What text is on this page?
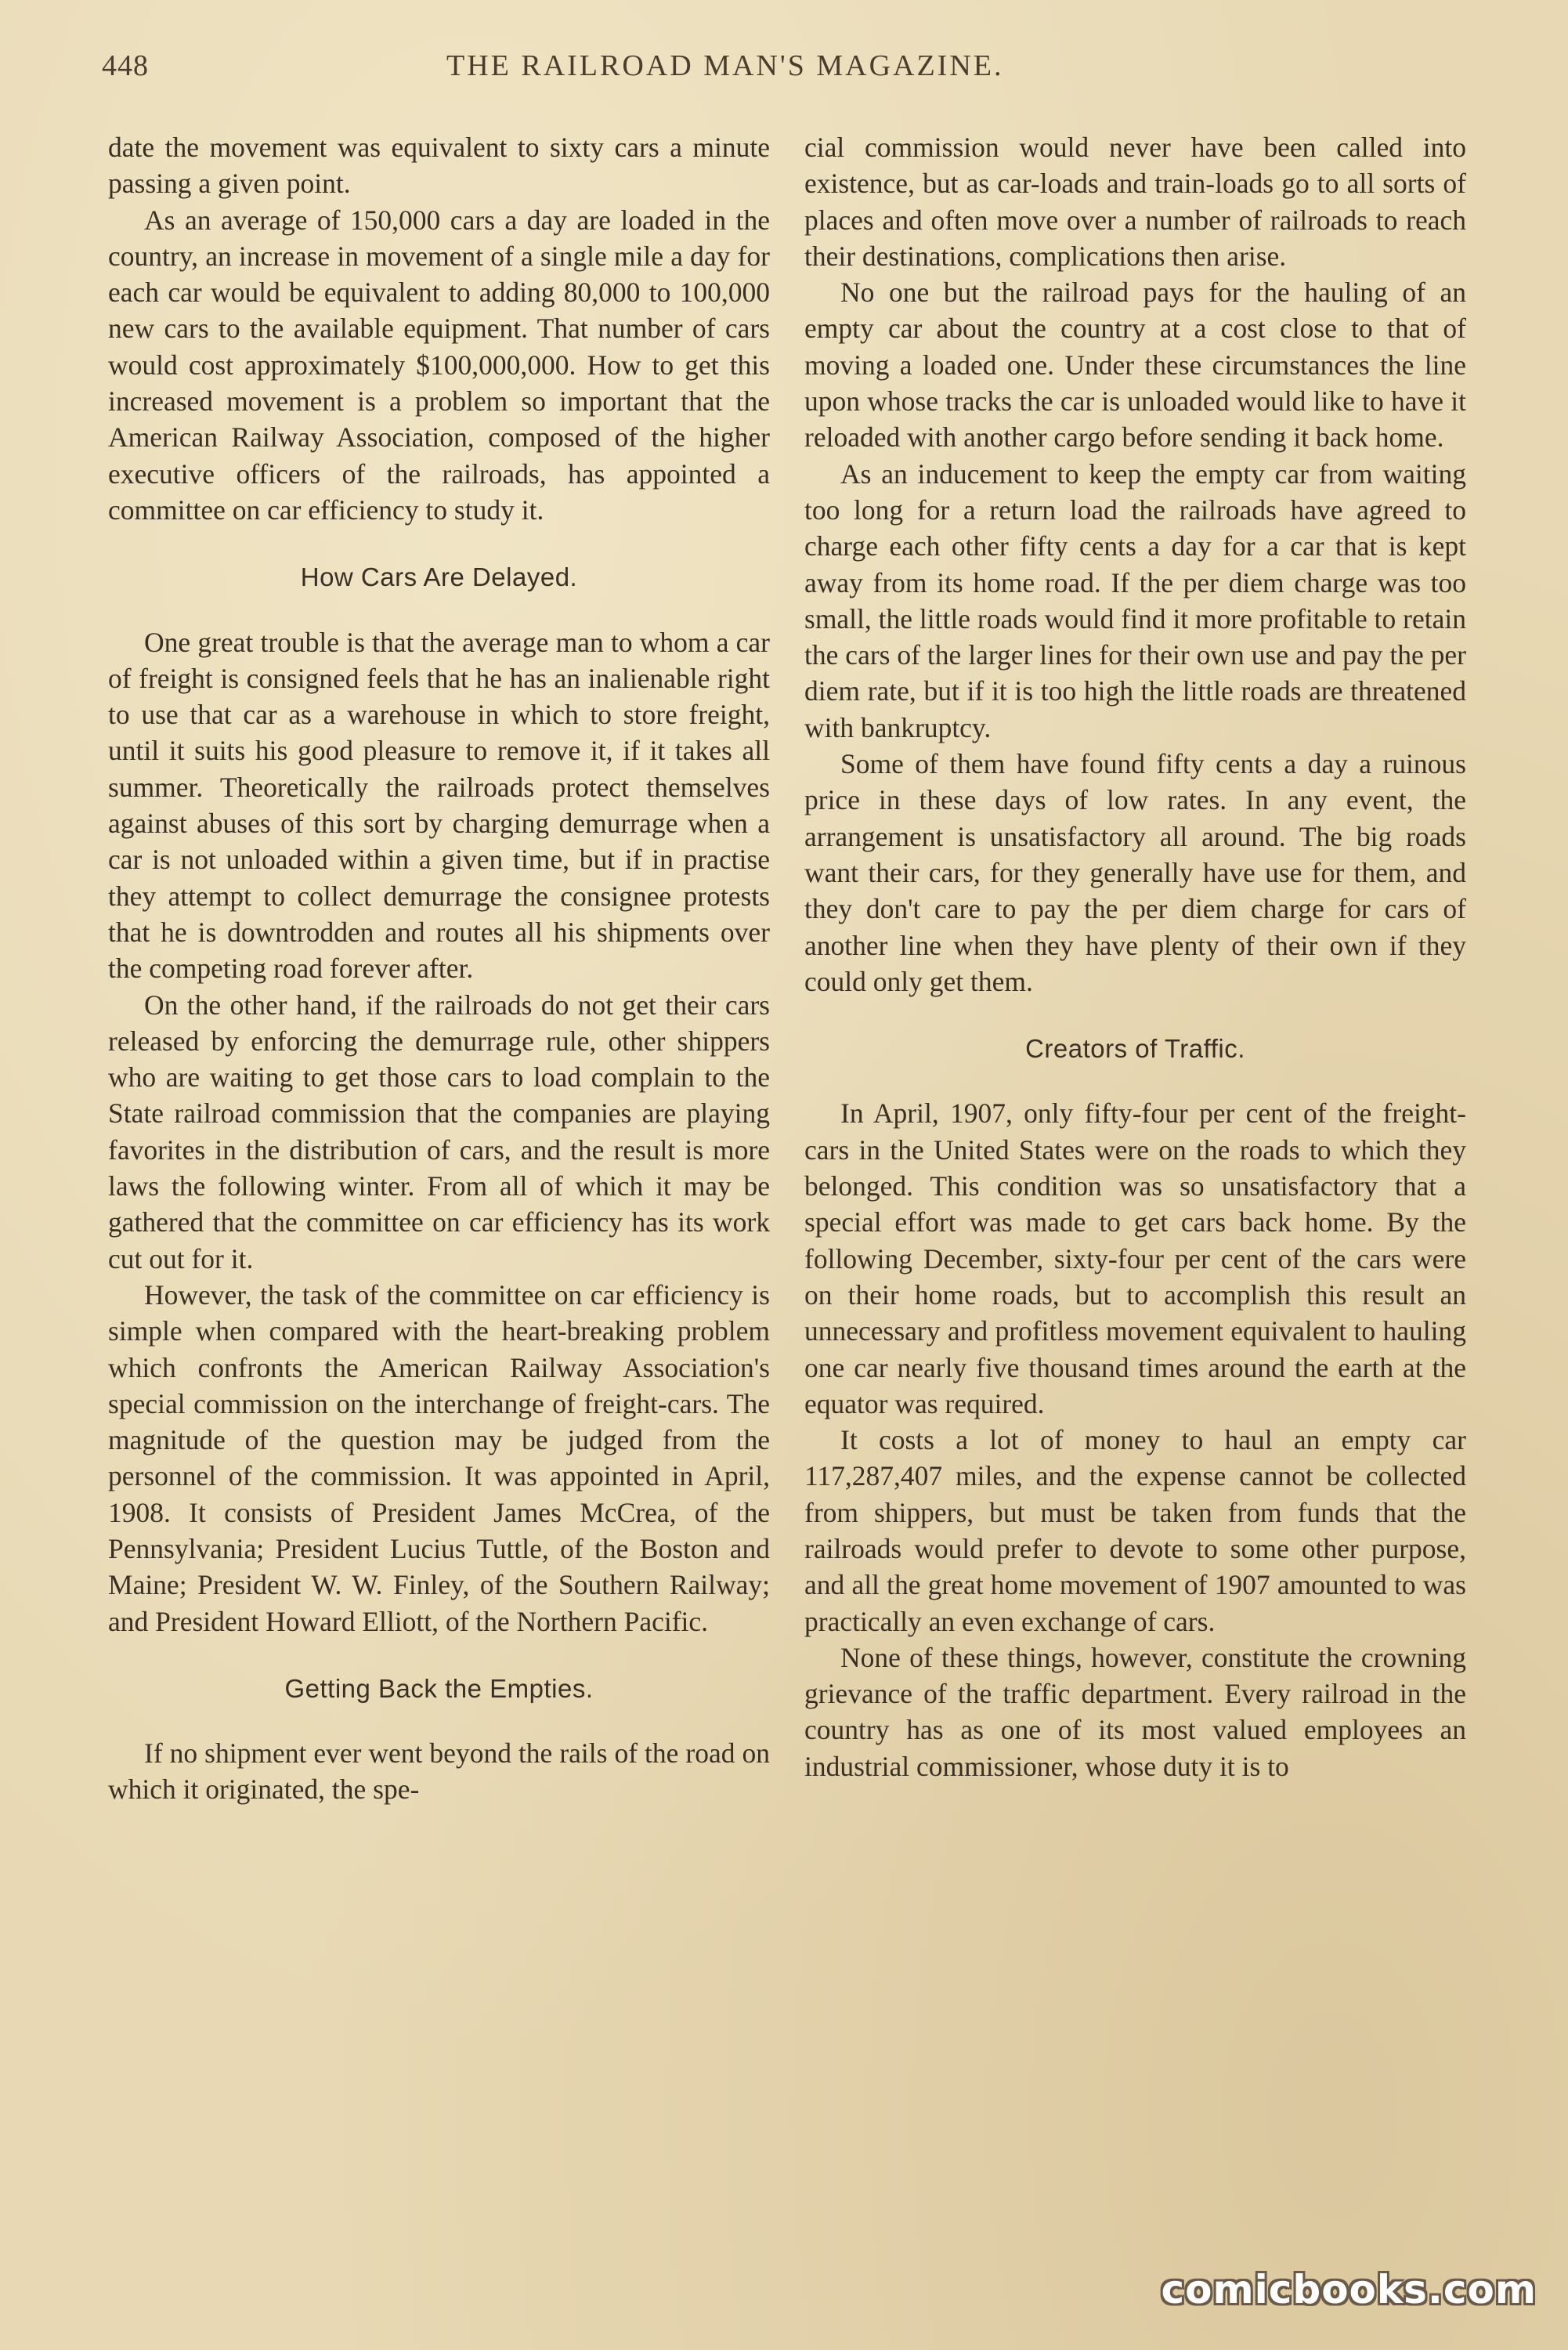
448	THE RAILROAD MAN'S MAGAZINE.

date the movement was equivalent to sixty cars a minute passing a given point.

As an average of 150,000 cars a day are loaded in the country, an increase in movement of a single mile a day for each car would be equivalent to adding 80,000 to 100,000 new cars to the available equipment. That number of cars would cost approximately $100,000,000. How to get this increased movement is a problem so important that the American Railway Association, composed of the higher executive officers of the railroads, has appointed a committee on car efficiency to study it.

How Cars Are Delayed.

One great trouble is that the average man to whom a car of freight is consigned feels that he has an inalienable right to use that car as a warehouse in which to store freight, until it suits his good pleasure to remove it, if it takes all summer. Theoretically the railroads protect themselves against abuses of this sort by charging demurrage when a car is not unloaded within a given time, but if in practise they attempt to collect demurrage the consignee protests that he is downtrodden and routes all his shipments over the competing road forever after.

On the other hand, if the railroads do not get their cars released by enforcing the demurrage rule, other shippers who are waiting to get those cars to load complain to the State railroad commission that the companies are playing favorites in the distribution of cars, and the result is more laws the following winter. From all of which it may be gathered that the committee on car efficiency has its work cut out for it.

However, the task of the committee on car efficiency is simple when compared with the heart-breaking problem which confronts the American Railway Association's special commission on the interchange of freight-cars. The magnitude of the question may be judged from the personnel of the commission. It was appointed in April, 1908. It consists of President James McCrea, of the Pennsylvania; President Lucius Tuttle, of the Boston and Maine; President W. W. Finley, of the Southern Railway; and President Howard Elliott, of the Northern Pacific.

Getting Back the Empties.

If no shipment ever went beyond the rails of the road on which it originated, the spe-

cial commission would never have been called into existence, but as car-loads and train-loads go to all sorts of places and often move over a number of railroads to reach their destinations, complications then arise.

No one but the railroad pays for the hauling of an empty car about the country at a cost close to that of moving a loaded one. Under these circumstances the line upon whose tracks the car is unloaded would like to have it reloaded with another cargo before sending it back home.

As an inducement to keep the empty car from waiting too long for a return load the railroads have agreed to charge each other fifty cents a day for a car that is kept away from its home road. If the per diem charge was too small, the little roads would find it more profitable to retain the cars of the larger lines for their own use and pay the per diem rate, but if it is too high the little roads are threatened with bankruptcy.

Some of them have found fifty cents a day a ruinous price in these days of low rates. In any event, the arrangement is unsatisfactory all around. The big roads want their cars, for they generally have use for them, and they don't care to pay the per diem charge for cars of another line when they have plenty of their own if they could only get them.

Creators of Traffic.

In April, 1907, only fifty-four per cent of the freight-cars in the United States were on the roads to which they belonged. This condition was so unsatisfactory that a special effort was made to get cars back home. By the following December, sixty-four per cent of the cars were on their home roads, but to accomplish this result an unnecessary and profitless movement equivalent to hauling one car nearly five thousand times around the earth at the equator was required.

It costs a lot of money to haul an empty car 117,287,407 miles, and the expense cannot be collected from shippers, but must be taken from funds that the railroads would prefer to devote to some other purpose, and all the great home movement of 1907 amounted to was practically an even exchange of cars.

None of these things, however, constitute the crowning grievance of the traffic department. Every railroad in the country has as one of its most valued employees an industrial commissioner, whose duty it is to

comicbooks.com
